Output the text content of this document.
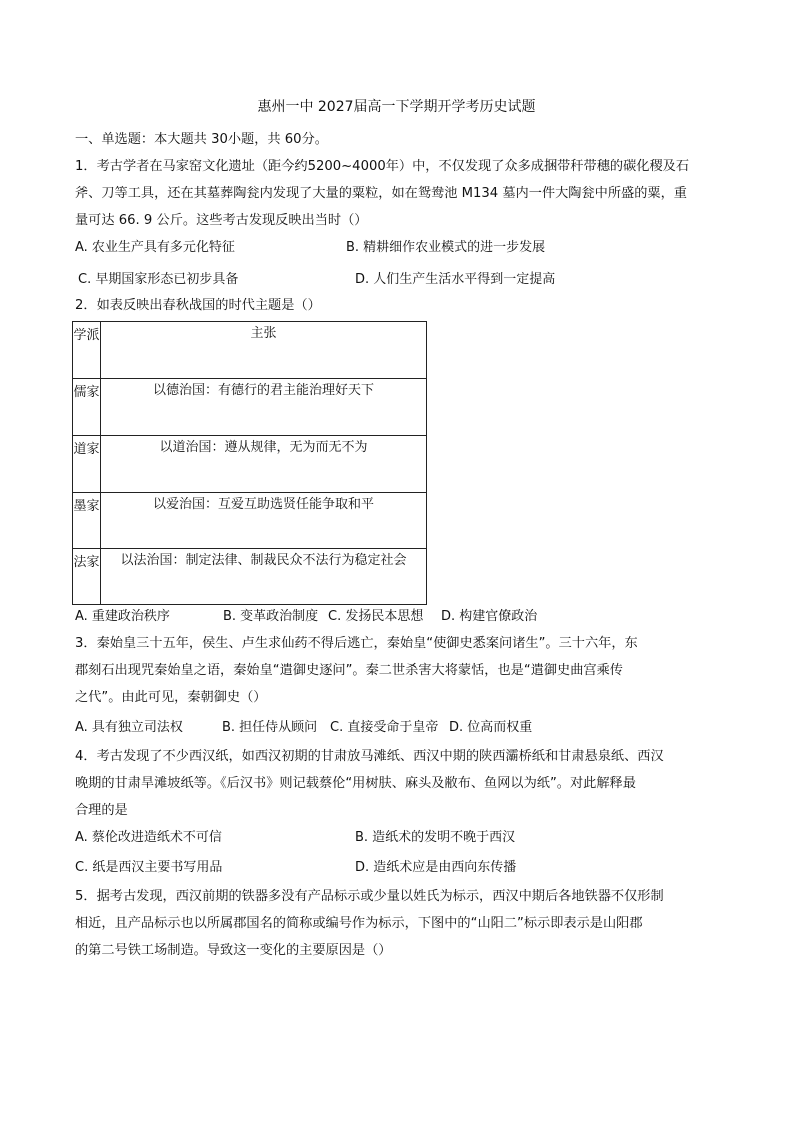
惠州一中 2027届高一下学期开学考历史试题
一、单选题：本大题共 30小题，共 60分。
1．考古学者在马家窑文化遗址（距今约5200~4000年）中，不仅发现了众多成捆带秆带穗的碳化稷及石
斧、刀等工具，还在其墓葬陶瓮内发现了大量的粟粒，如在鸳鸯池 M134 墓内一件大陶瓮中所盛的粟，重
量可达 66. 9 公斤。这些考古发现反映出当时（）
A. 农业生产具有多元化特征	B. 精耕细作农业模式的进一步发展
C. 早期国家形态已初步具备	D. 人们生产生活水平得到一定提高
2．如表反映出春秋战国的时代主题是（）
学派	主张
儒家	以德治国：有德行的君主能治理好天下
道家	以道治国：遵从规律，无为而无不为
墨家	以爱治国：互爱互助选贤任能争取和平
法家	以法治国：制定法律、制裁民众不法行为稳定社会
A. 重建政治秩序	B. 变革政治制度 C. 发扬民本思想 D. 构建官僚政治
3．秦始皇三十五年，侯生、卢生求仙药不得后逃亡，秦始皇“使御史悉案问诸生”。三十六年，东
郡刻石出现咒秦始皇之语，秦始皇“遣御史逐问”。秦二世杀害大将蒙恬，也是“遣御史曲宫乘传
之代”。由此可见，秦朝御史（）
A. 具有独立司法权	B. 担任侍从顾问 C. 直接受命于皇帝 D. 位高而权重
4．考古发现了不少西汉纸，如西汉初期的甘肃放马滩纸、西汉中期的陕西灞桥纸和甘肃悬泉纸、西汉
晚期的甘肃旱滩坡纸等。《后汉书》则记载蔡伦“用树肤、麻头及敝布、鱼网以为纸”。对此解释最
合理的是
A. 蔡伦改进造纸术不可信	B. 造纸术的发明不晚于西汉
C. 纸是西汉主要书写用品	D. 造纸术应是由西向东传播
5．据考古发现，西汉前期的铁器多没有产品标示或少量以姓氏为标示，西汉中期后各地铁器不仅形制
相近，且产品标示也以所属郡国名的简称或编号作为标示，下图中的“山阳二”标示即表示是山阳郡
的第二号铁工场制造。导致这一变化的主要原因是（）
